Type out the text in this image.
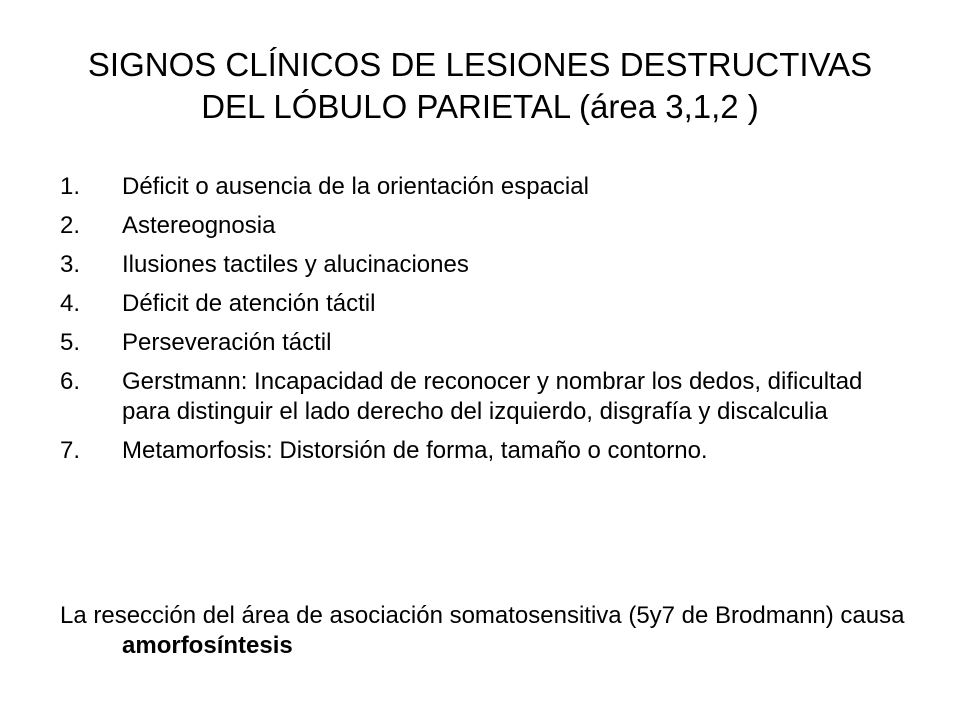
SIGNOS CLÍNICOS DE LESIONES DESTRUCTIVAS DEL LÓBULO PARIETAL (área 3,1,2 )
1. Déficit o ausencia de la orientación espacial
2. Astereognosia
3. Ilusiones tactiles y alucinaciones
4. Déficit de atención táctil
5. Perseveración táctil
6. Gerstmann: Incapacidad de reconocer y nombrar los dedos, dificultad para distinguir el lado derecho del izquierdo, disgrafía y discalculia
7. Metamorfosis: Distorsión de forma, tamaño o contorno.

La resección del área de asociación somatosensitiva (5y7 de Brodmann) causa amorfosíntesis
